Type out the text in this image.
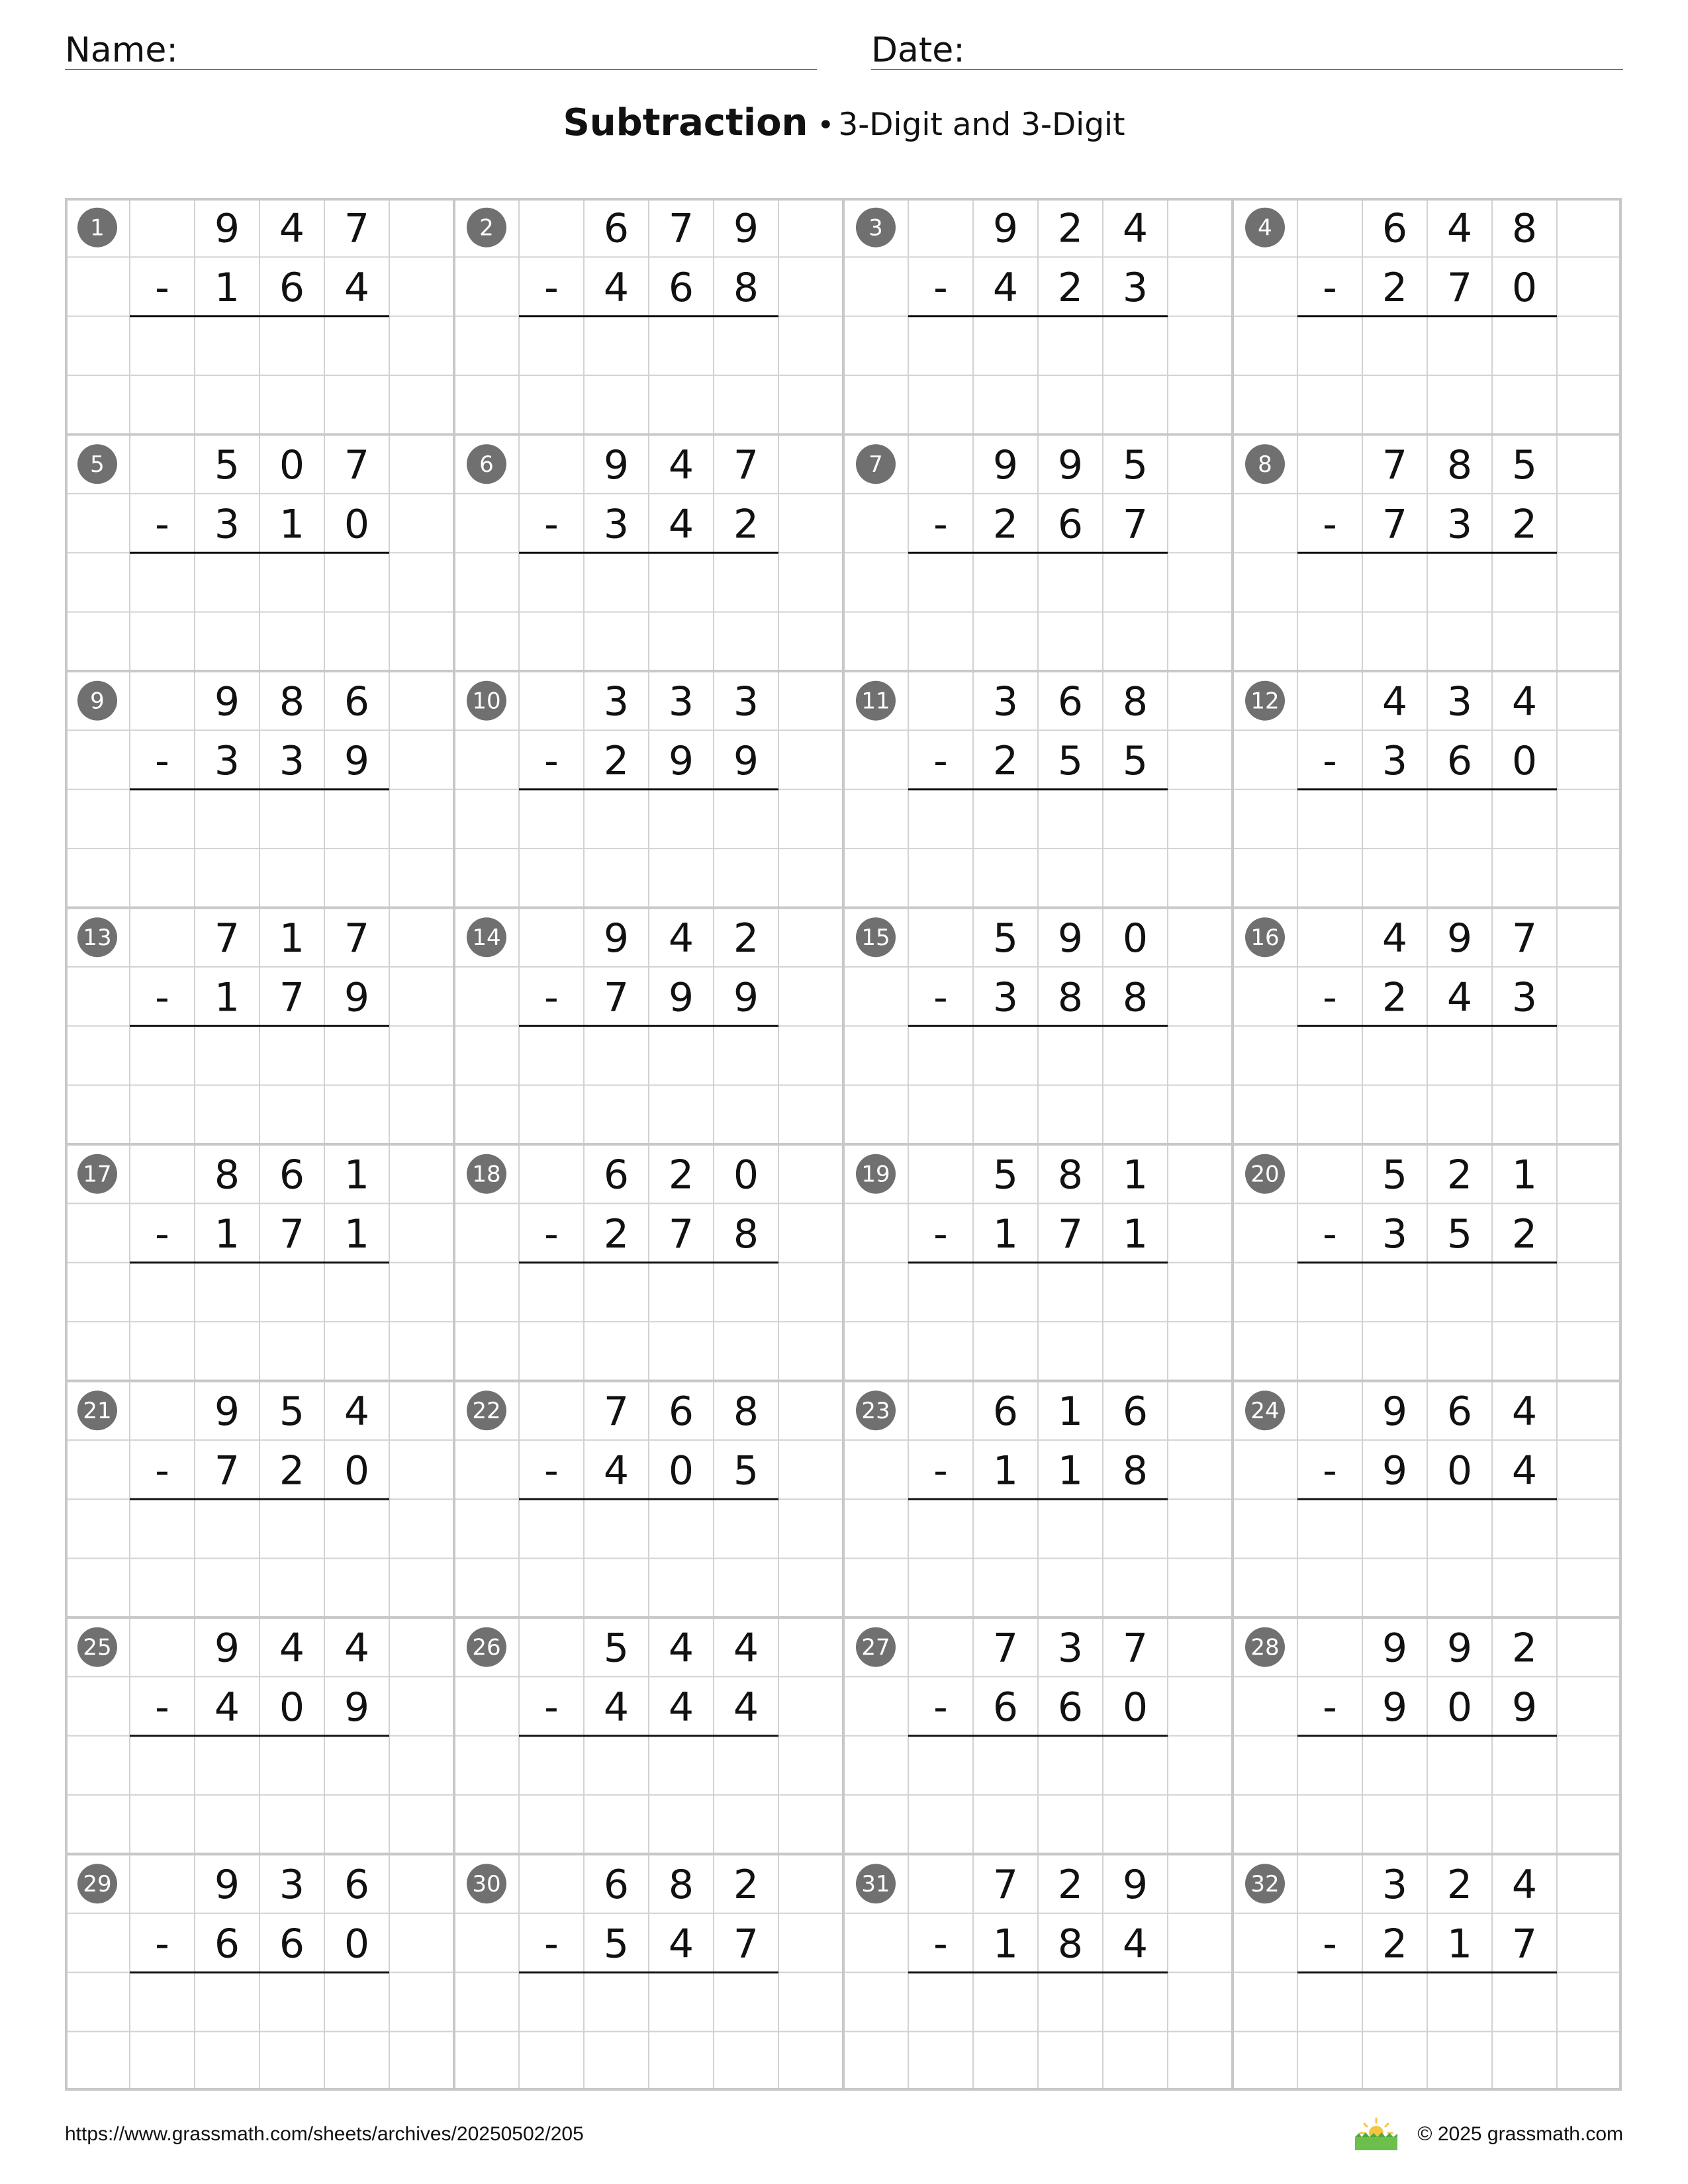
Name:	Date:
Subtraction • 3-Digit and 3-Digit
1	9 4 7
- 1 6 4
2	6 7 9
- 4 6 8
3	9 2 4
- 4 2 3
4	6 4 8
- 2 7 0
5	5 0 7
- 3 1 0
6	9 4 7
- 3 4 2
7	9 9 5
- 2 6 7
8	7 8 5
- 7 3 2
9	9 8 6
- 3 3 9
10	3 3 3
- 2 9 9
11	3 6 8
- 2 5 5
12	4 3 4
- 3 6 0
13	7 1 7
- 1 7 9
14	9 4 2
- 7 9 9
15	5 9 0
- 3 8 8
16	4 9 7
- 2 4 3
17	8 6 1
- 1 7 1
18	6 2 0
- 2 7 8
19	5 8 1
- 1 7 1
20	5 2 1
- 3 5 2
21	9 5 4
- 7 2 0
22	7 6 8
- 4 0 5
23	6 1 6
- 1 1 8
24	9 6 4
- 9 0 4
25	9 4 4
- 4 0 9
26	5 4 4
- 4 4 4
27	7 3 7
- 6 6 0
28	9 9 2
- 9 0 9
29	9 3 6
- 6 6 0
30	6 8 2
- 5 4 7
31	7 2 9
- 1 8 4
32	3 2 4
- 2 1 7
https://www.grassmath.com/sheets/archives/20250502/205	© 2025 grassmath.com
